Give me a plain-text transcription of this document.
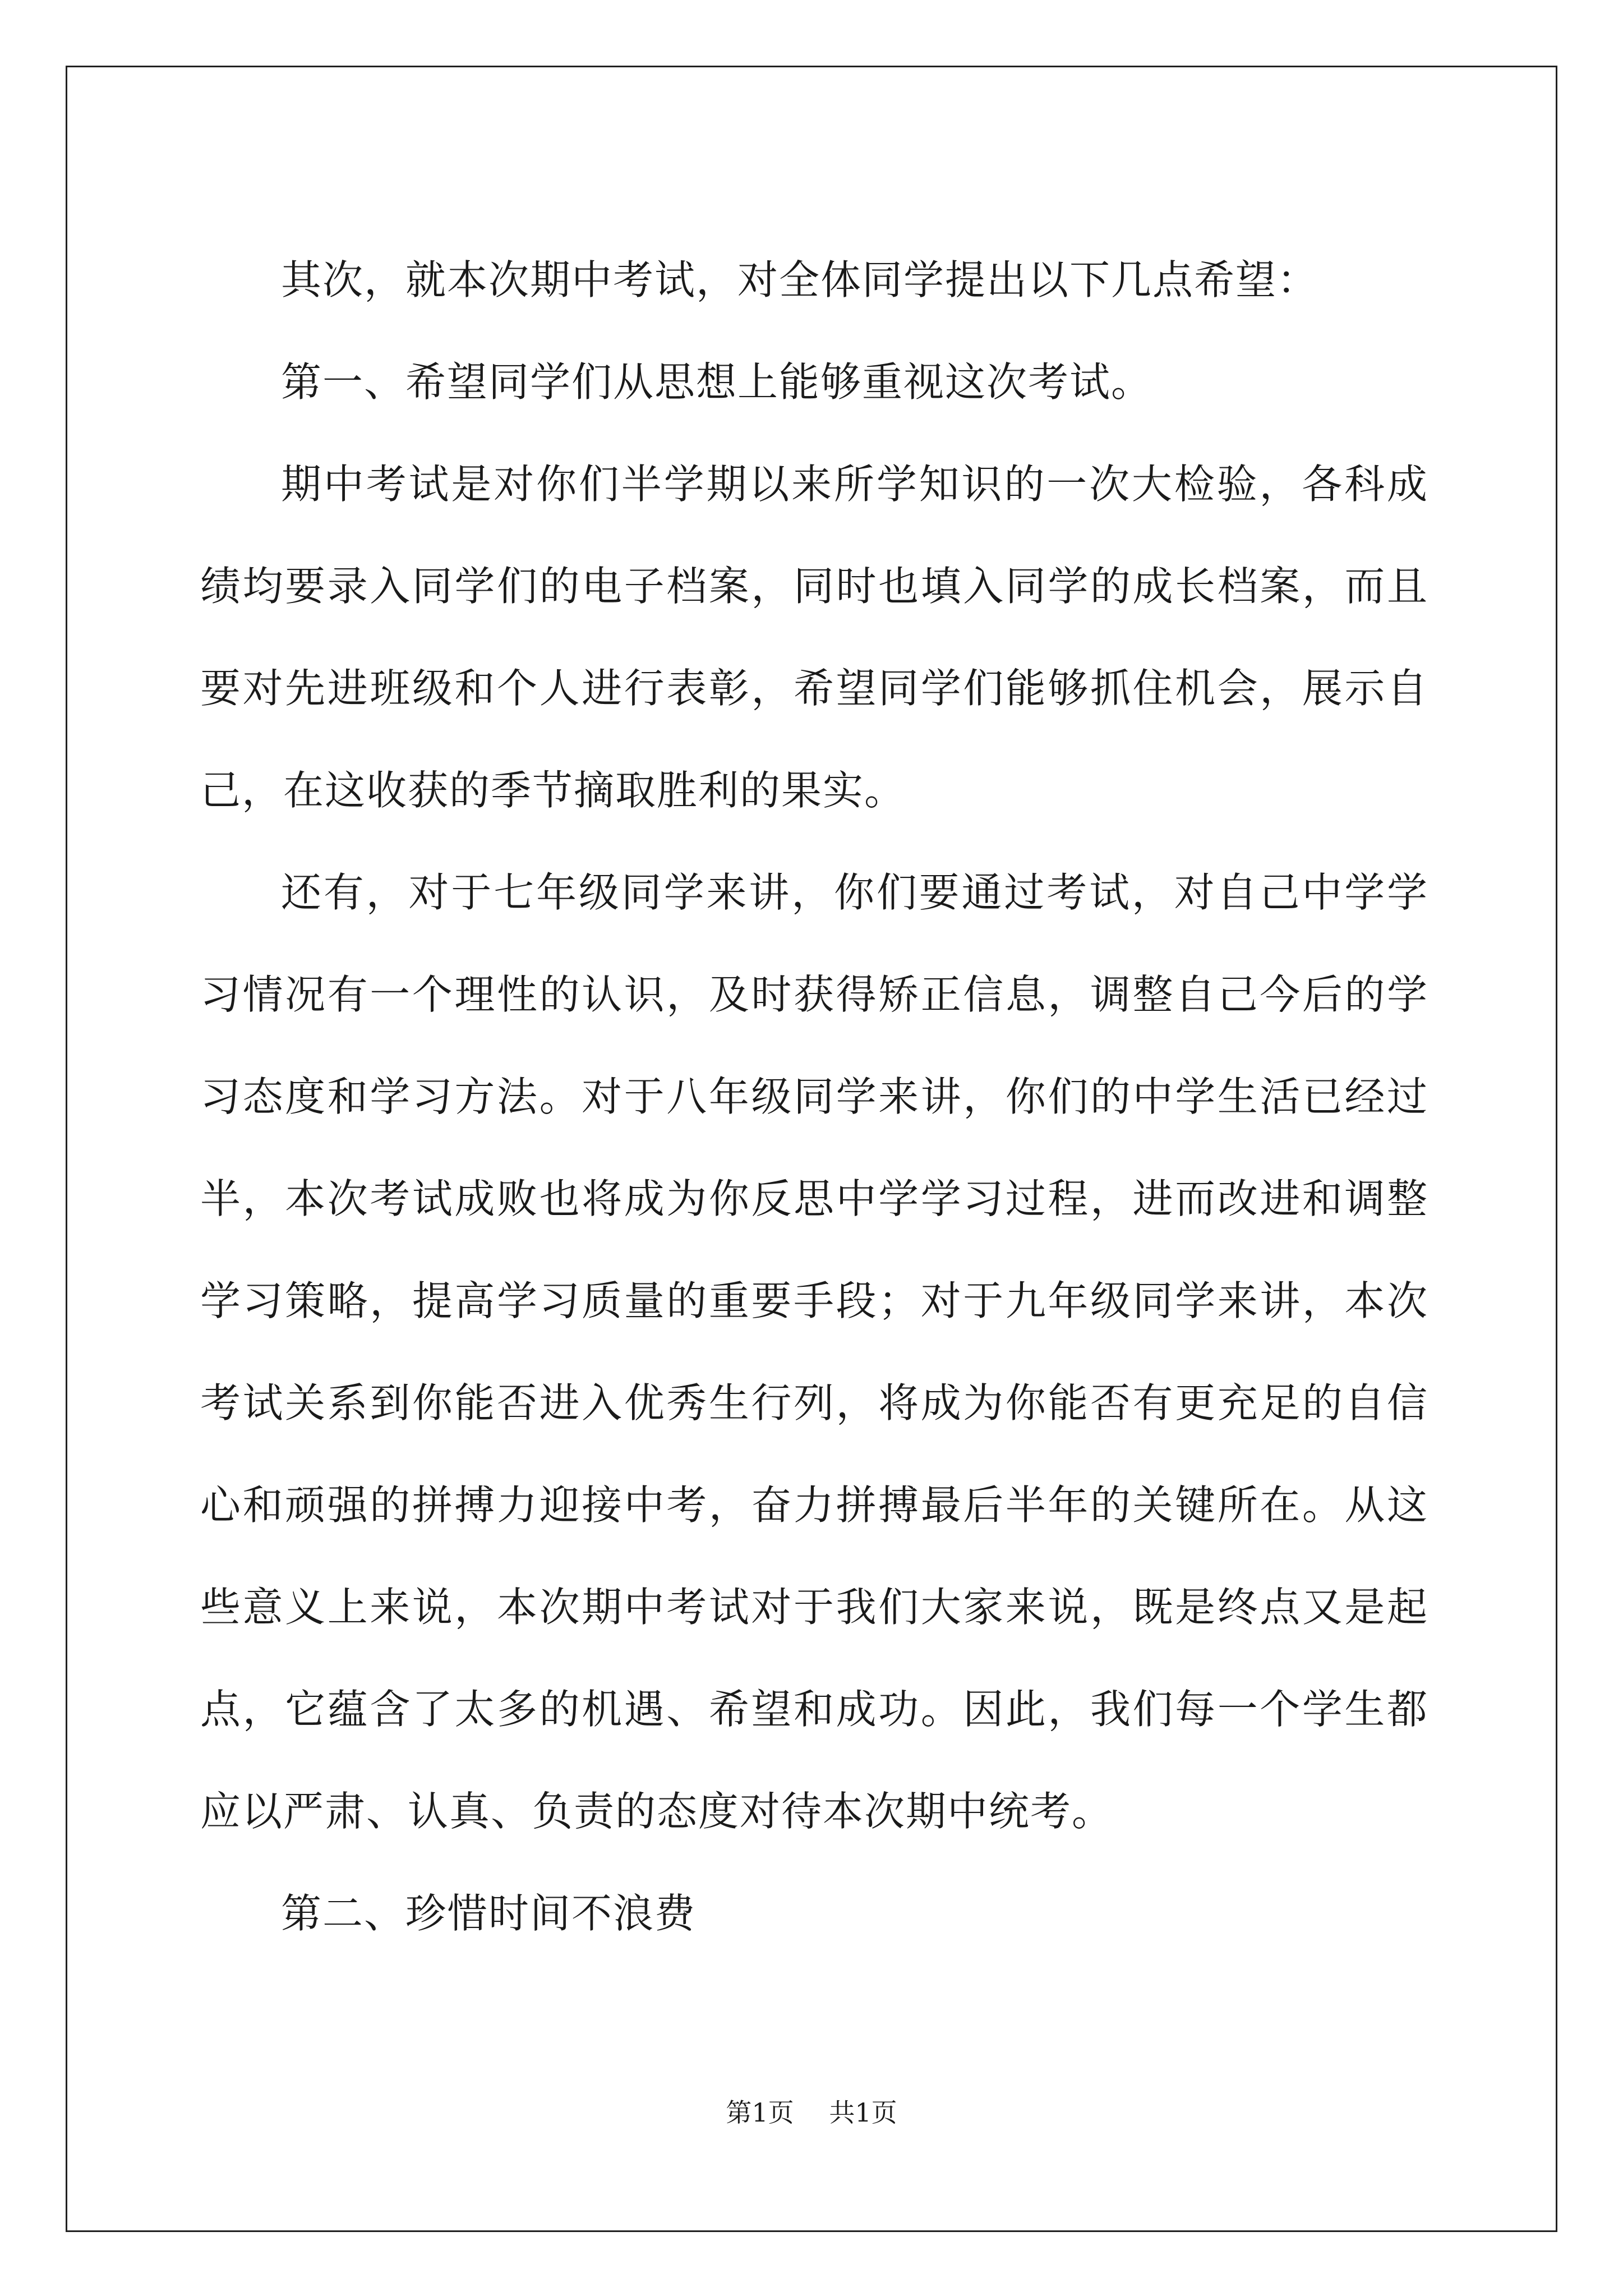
其次，就本次期中考试，对全体同学提出以下几点希望：

第一、希望同学们从思想上能够重视这次考试。

期中考试是对你们半学期以来所学知识的一次大检验，各科成绩均要录入同学们的电子档案，同时也填入同学的成长档案，而且要对先进班级和个人进行表彰，希望同学们能够抓住机会，展示自己，在这收获的季节摘取胜利的果实。

还有，对于七年级同学来讲，你们要通过考试，对自己中学学习情况有一个理性的认识，及时获得矫正信息，调整自己今后的学习态度和学习方法。对于八年级同学来讲，你们的中学生活已经过半，本次考试成败也将成为你反思中学学习过程，进而改进和调整学习策略，提高学习质量的重要手段；对于九年级同学来讲，本次考试关系到你能否进入优秀生行列，将成为你能否有更充足的自信心和顽强的拼搏力迎接中考，奋力拼搏最后半年的关键所在。从这些意义上来说，本次期中考试对于我们大家来说，既是终点又是起点，它蕴含了太多的机遇、希望和成功。因此，我们每一个学生都应以严肃、认真、负责的态度对待本次期中统考。

第二、珍惜时间不浪费

第1页 共1页
